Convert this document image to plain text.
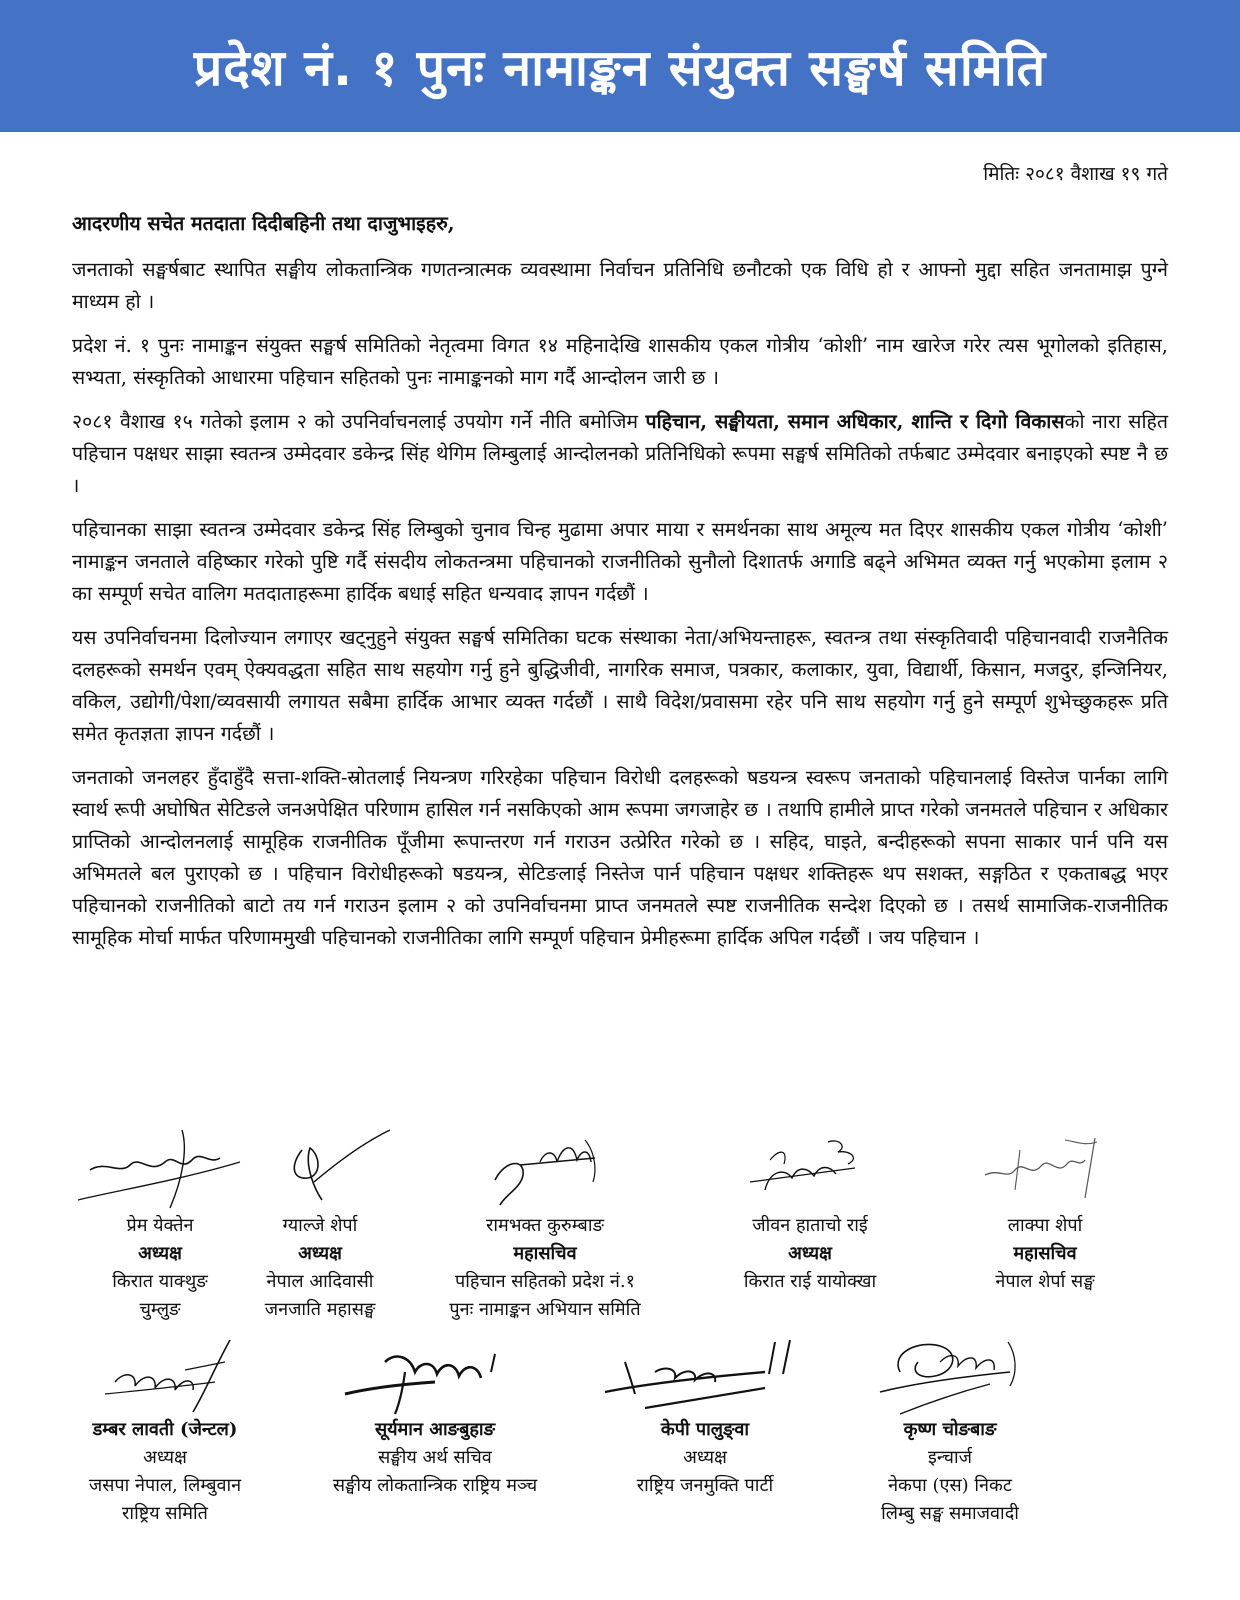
प्रदेश नं. १ पुनः नामाङ्कन संयुक्त सङ्घर्ष समिति
मितिः २०८१ वैशाख १९ गते

आदरणीय सचेत मतदाता दिदीबहिनी तथा दाजुभाइहरु,

जनताको सङ्घर्षबाट स्थापित सङ्घीय लोकतान्त्रिक गणतन्त्रात्मक व्यवस्थामा निर्वाचन प्रतिनिधि छनौटको एक विधि हो र आफ्नो मुद्दा सहित जनतामाझ पुग्ने माध्यम हो ।

प्रदेश नं. १ पुनः नामाङ्कन संयुक्त सङ्घर्ष समितिको नेतृत्वमा विगत १४ महिनादेखि शासकीय एकल गोत्रीय ‘कोशी’ नाम खारेज गरेर त्यस भूगोलको इतिहास, सभ्यता, संस्कृतिको आधारमा पहिचान सहितको पुनः नामाङ्कनको माग गर्दै आन्दोलन जारी छ ।

२०८१ वैशाख १५ गतेको इलाम २ को उपनिर्वाचनलाई उपयोग गर्ने नीति बमोजिम पहिचान, सङ्घीयता, समान अधिकार, शान्ति र दिगो विकासको नारा सहित पहिचान पक्षधर साझा स्वतन्त्र उम्मेदवार डकेन्द्र सिंह थेगिम लिम्बुलाई आन्दोलनको प्रतिनिधिको रूपमा सङ्घर्ष समितिको तर्फबाट उम्मेदवार बनाइएको स्पष्ट नै छ ।

पहिचानका साझा स्वतन्त्र उम्मेदवार डकेन्द्र सिंह लिम्बुको चुनाव चिन्ह मुढामा अपार माया र समर्थनका साथ अमूल्य मत दिएर शासकीय एकल गोत्रीय ‘कोशी’ नामाङ्कन जनताले वहिष्कार गरेको पुष्टि गर्दै संसदीय लोकतन्त्रमा पहिचानको राजनीतिको सुनौलो दिशातर्फ अगाडि बढ्ने अभिमत व्यक्त गर्नु भएकोमा इलाम २ का सम्पूर्ण सचेत वालिग मतदाताहरूमा हार्दिक बधाई सहित धन्यवाद ज्ञापन गर्दछौं ।

यस उपनिर्वाचनमा दिलोज्यान लगाएर खट्नुहुने संयुक्त सङ्घर्ष समितिका घटक संस्थाका नेता/अभियन्ताहरू, स्वतन्त्र तथा संस्कृतिवादी पहिचानवादी राजनैतिक दलहरूको समर्थन एवम् ऐक्यवद्धता सहित साथ सहयोग गर्नु हुने बुद्धिजीवी, नागरिक समाज, पत्रकार, कलाकार, युवा, विद्यार्थी, किसान, मजदुर, इन्जिनियर, वकिल, उद्योगी/पेशा/व्यवसायी लगायत सबैमा हार्दिक आभार व्यक्त गर्दछौं । साथै विदेश/प्रवासमा रहेर पनि साथ सहयोग गर्नु हुने सम्पूर्ण शुभेच्छुकहरू प्रति समेत कृतज्ञता ज्ञापन गर्दछौं ।

जनताको जनलहर हुँदाहुँदै सत्ता-शक्ति-स्रोतलाई नियन्त्रण गरिरहेका पहिचान विरोधी दलहरूको षडयन्त्र स्वरूप जनताको पहिचानलाई विस्तेज पार्नका लागि स्वार्थ रूपी अघोषित सेटिङले जनअपेक्षित परिणाम हासिल गर्न नसकिएको आम रूपमा जगजाहेर छ । तथापि हामीले प्राप्त गरेको जनमतले पहिचान र अधिकार प्राप्तिको आन्दोलनलाई सामूहिक राजनीतिक पूँजीमा रूपान्तरण गर्न गराउन उत्प्रेरित गरेको छ । सहिद, घाइते, बन्दीहरूको सपना साकार पार्न पनि यस अभिमतले बल पुराएको छ । पहिचान विरोधीहरूको षडयन्त्र, सेटिङलाई निस्तेज पार्न पहिचान पक्षधर शक्तिहरू थप सशक्त, सङ्गठित र एकताबद्ध भएर पहिचानको राजनीतिको बाटो तय गर्न गराउन इलाम २ को उपनिर्वाचनमा प्राप्त जनमतले स्पष्ट राजनीतिक सन्देश दिएको छ । तसर्थ सामाजिक-राजनीतिक सामूहिक मोर्चा मार्फत परिणाममुखी पहिचानको राजनीतिका लागि सम्पूर्ण पहिचान प्रेमीहरूमा हार्दिक अपिल गर्दछौं । जय पहिचान ।

प्रेम येक्तेन
अध्यक्ष
किरात याक्थुङ
चुम्लुङ
ग्याल्जे शेर्पा
अध्यक्ष
नेपाल आदिवासी
जनजाति महासङ्घ
रामभक्त कुरुम्बाङ
महासचिव
पहिचान सहितको प्रदेश नं.१
पुनः नामाङ्कन अभियान समिति
जीवन हाताचो राई
अध्यक्ष
किरात राई यायोक्खा
लाक्पा शेर्पा
महासचिव
नेपाल शेर्पा सङ्घ
डम्बर लावती (जेन्टल)
अध्यक्ष
जसपा नेपाल, लिम्बुवान
राष्ट्रिय समिति
सूर्यमान आङबुहाङ
सङ्घीय अर्थ सचिव
सङ्घीय लोकतान्त्रिक राष्ट्रिय मञ्च
केपी पालुङ्वा
अध्यक्ष
राष्ट्रिय जनमुक्ति पार्टी
कृष्ण चोङबाङ
इन्चार्ज
नेकपा (एस) निकट
लिम्बु सङ्घ समाजवादी
